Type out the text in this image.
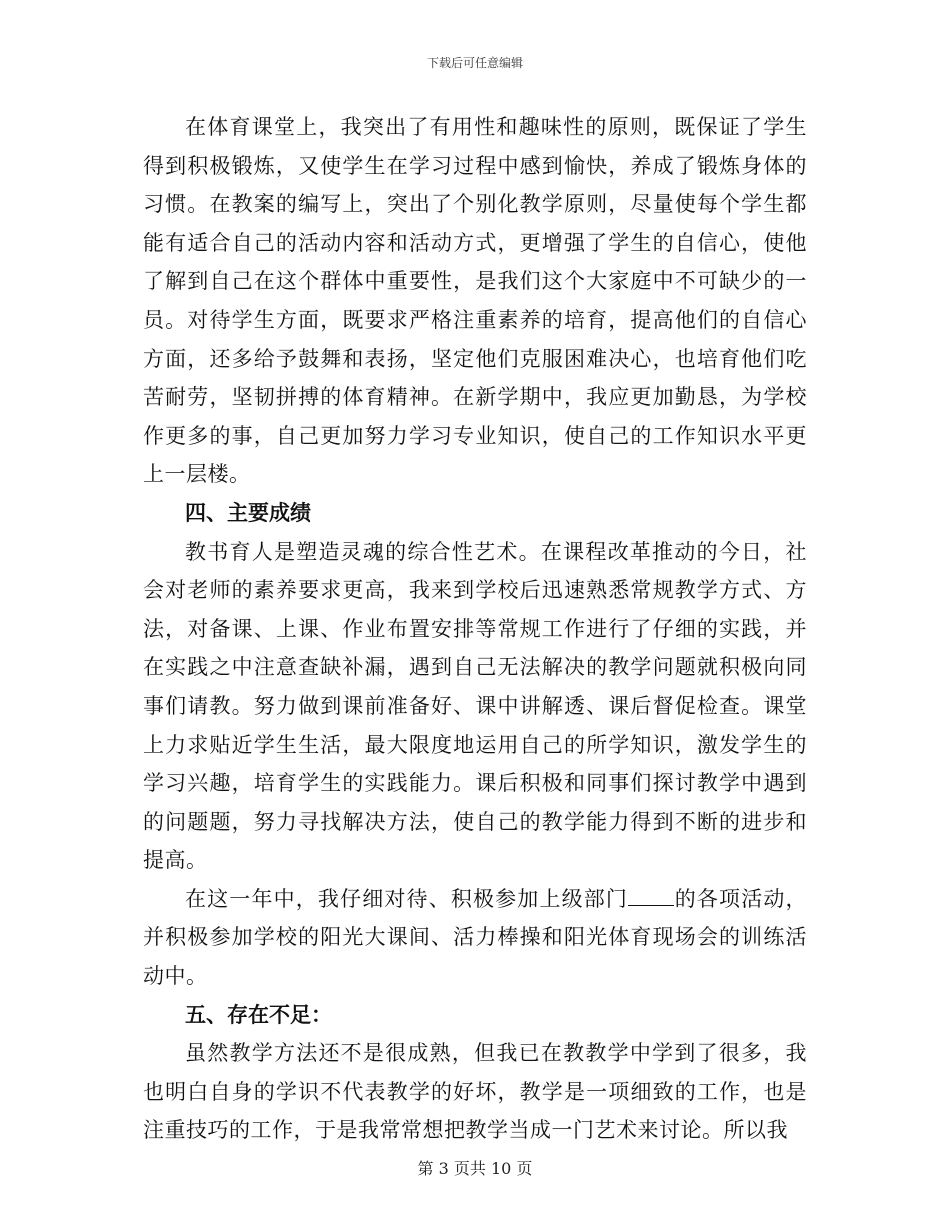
下载后可任意编辑

在体育课堂上，我突出了有用性和趣味性的原则，既保证了学生得到积极锻炼，又使学生在学习过程中感到愉快，养成了锻炼身体的习惯。在教案的编写上，突出了个别化教学原则，尽量使每个学生都能有适合自己的活动内容和活动方式，更增强了学生的自信心，使他了解到自己在这个群体中重要性，是我们这个大家庭中不可缺少的一员。对待学生方面，既要求严格注重素养的培育，提高他们的自信心方面，还多给予鼓舞和表扬，坚定他们克服困难决心，也培育他们吃苦耐劳，坚韧拼搏的体育精神。在新学期中，我应更加勤恳，为学校作更多的事，自己更加努力学习专业知识，使自己的工作知识水平更上一层楼。

四、主要成绩

教书育人是塑造灵魂的综合性艺术。在课程改革推动的今日，社会对老师的素养要求更高，我来到学校后迅速熟悉常规教学方式、方法，对备课、上课、作业布置安排等常规工作进行了仔细的实践，并在实践之中注意查缺补漏，遇到自己无法解决的教学问题就积极向同事们请教。努力做到课前准备好、课中讲解透、课后督促检查。课堂上力求贴近学生生活，最大限度地运用自己的所学知识，激发学生的学习兴趣，培育学生的实践能力。课后积极和同事们探讨教学中遇到的问题题，努力寻找解决方法，使自己的教学能力得到不断的进步和提高。

在这一年中，我仔细对待、积极参加上级部门 的各项活动，并积极参加学校的阳光大课间、活力棒操和阳光体育现场会的训练活动中。

五、存在不足：

虽然教学方法还不是很成熟，但我已在教教学中学到了很多，我也明白自身的学识不代表教学的好坏，教学是一项细致的工作，也是注重技巧的工作，于是我常常想把教学当成一门艺术来讨论。所以我

第 3 页共 10 页
